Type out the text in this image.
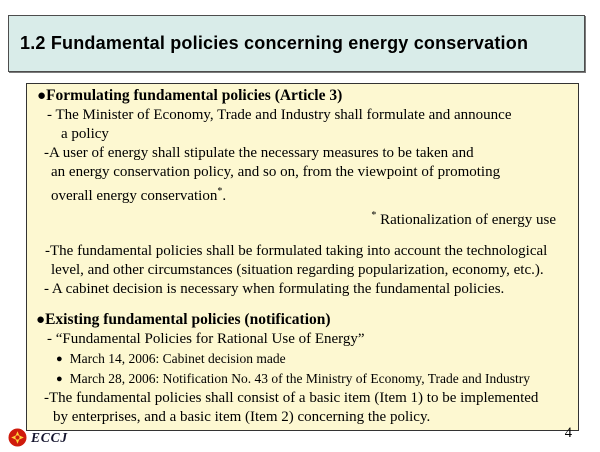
1.2 Fundamental policies concerning energy conservation
●Formulating fundamental policies (Article 3)
- The Minister of Economy, Trade and Industry shall formulate and announce
a policy
-A user of energy shall stipulate the necessary measures to be taken and
an energy conservation policy, and so on, from the viewpoint of promoting
overall energy conservation*.
* Rationalization of energy use
-The fundamental policies shall be formulated taking into account the technological
level, and other circumstances (situation regarding popularization, economy, etc.).
- A cabinet decision is necessary when formulating the fundamental policies.
●Existing fundamental policies (notification)
- “Fundamental Policies for Rational Use of Energy”
● March 14, 2006: Cabinet decision made
● March 28, 2006: Notification No. 43 of the Ministry of Economy, Trade and Industry
-The fundamental policies shall consist of a basic item (Item 1) to be implemented
by enterprises, and a basic item (Item 2) concerning the policy.
ECCJ	4
